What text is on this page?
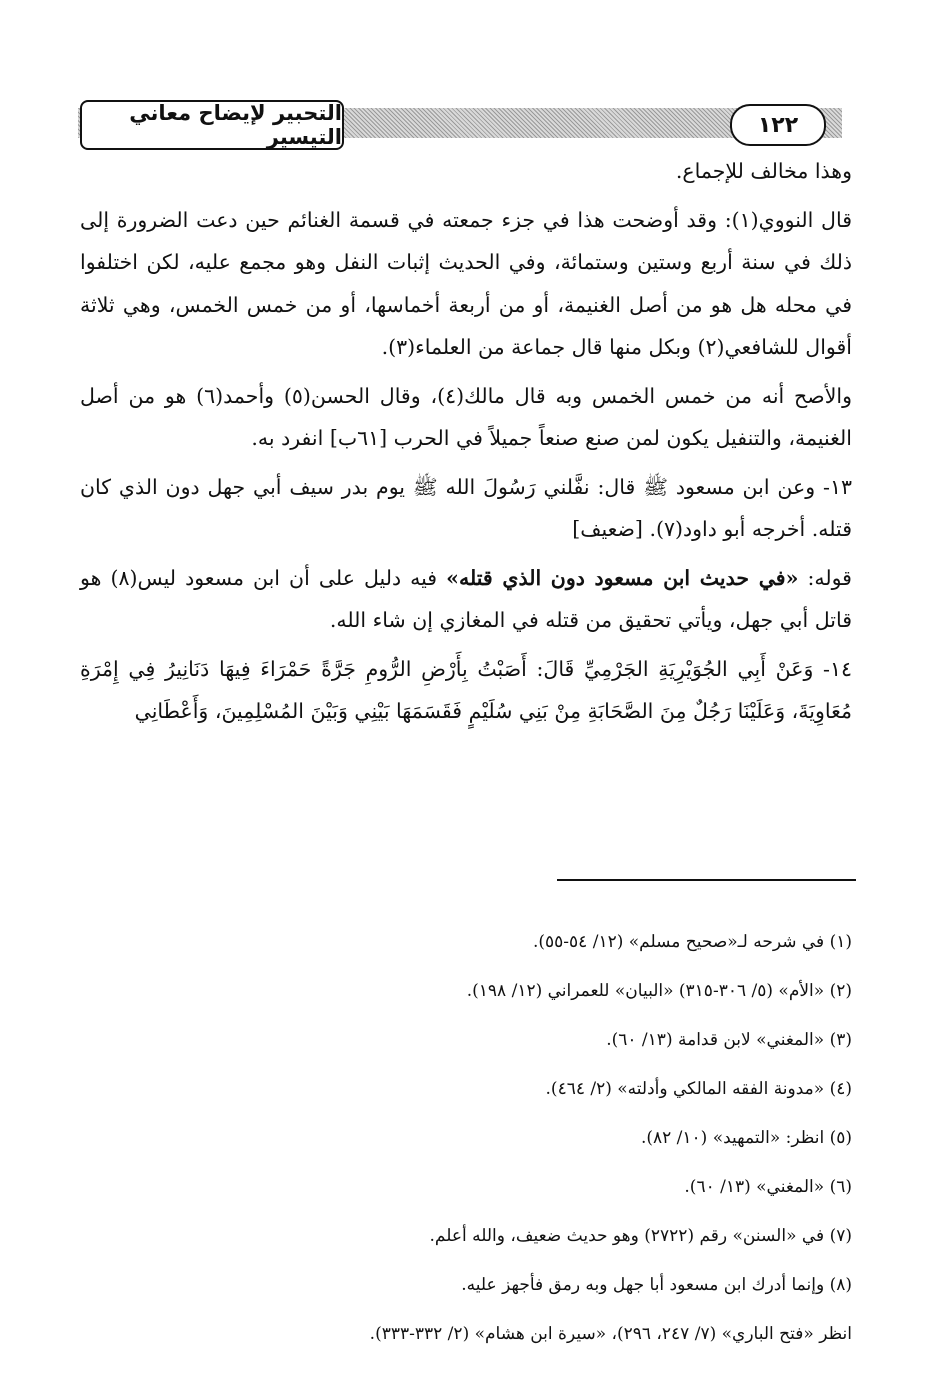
التحبير لإيضاح معاني التيسير	١٢٢

وهذا مخالف للإجماع.

قال النووي(١): وقد أوضحت هذا في جزء جمعته في قسمة الغنائم حين دعت الضرورة إلى ذلك في سنة أربع وستين وستمائة، وفي الحديث إثبات النفل وهو مجمع عليه، لكن اختلفوا في محله هل هو من أصل الغنيمة، أو من أربعة أخماسها، أو من خمس الخمس، وهي ثلاثة أقوال للشافعي(٢) وبكل منها قال جماعة من العلماء(٣).

والأصح أنه من خمس الخمس وبه قال مالك(٤)، وقال الحسن(٥) وأحمد(٦) هو من أصل الغنيمة، والتنفيل يكون لمن صنع صنعاً جميلاً في الحرب [٦١ب] انفرد به.

١٣- وعن ابن مسعود ﷺ قال: نفَّلني رَسُولَ الله ﷺ يوم بدر سيف أبي جهل دون الذي كان قتله. أخرجه أبو داود(٧). [ضعيف]

قوله: «في حديث ابن مسعود دون الذي قتله» فيه دليل على أن ابن مسعود ليس(٨) هو قاتل أبي جهل، ويأتي تحقيق من قتله في المغازي إن شاء الله.

١٤- وَعَنْ أَبِي الجُوَيْرِيَةِ الجَرْمِيِّ قَالَ: أَصَبْتُ بِأَرْضِ الرُّومِ جَرَّةً حَمْرَاءَ فِيهَا دَنَانِيرُ فِي إِمْرَةِ مُعَاوِيَةَ، وَعَلَيْنَا رَجُلٌ مِنَ الصَّحَابَةِ مِنْ بَنِي سُلَيْمٍ فَقَسَمَهَا بَيْنِي وَبَيْنَ المُسْلِمِينَ، وَأَعْطَانِي

(١) في شرحه لـ«صحيح مسلم» (١٢/ ٥٤-٥٥).
(٢) «الأم» (٥/ ٣٠٦-٣١٥) «البيان» للعمراني (١٢/ ١٩٨).
(٣) «المغني» لابن قدامة (١٣/ ٦٠).
(٤) «مدونة الفقه المالكي وأدلته» (٢/ ٤٦٤).
(٥) انظر: «التمهيد» (١٠/ ٨٢).
(٦) «المغني» (١٣/ ٦٠).
(٧) في «السنن» رقم (٢٧٢٢) وهو حديث ضعيف، والله أعلم.
(٨) وإنما أدرك ابن مسعود أبا جهل وبه رمق فأجهز عليه.
انظر «فتح الباري» (٧/ ٢٤٧، ٢٩٦)، «سيرة ابن هشام» (٢/ ٣٣٢-٣٣٣).
